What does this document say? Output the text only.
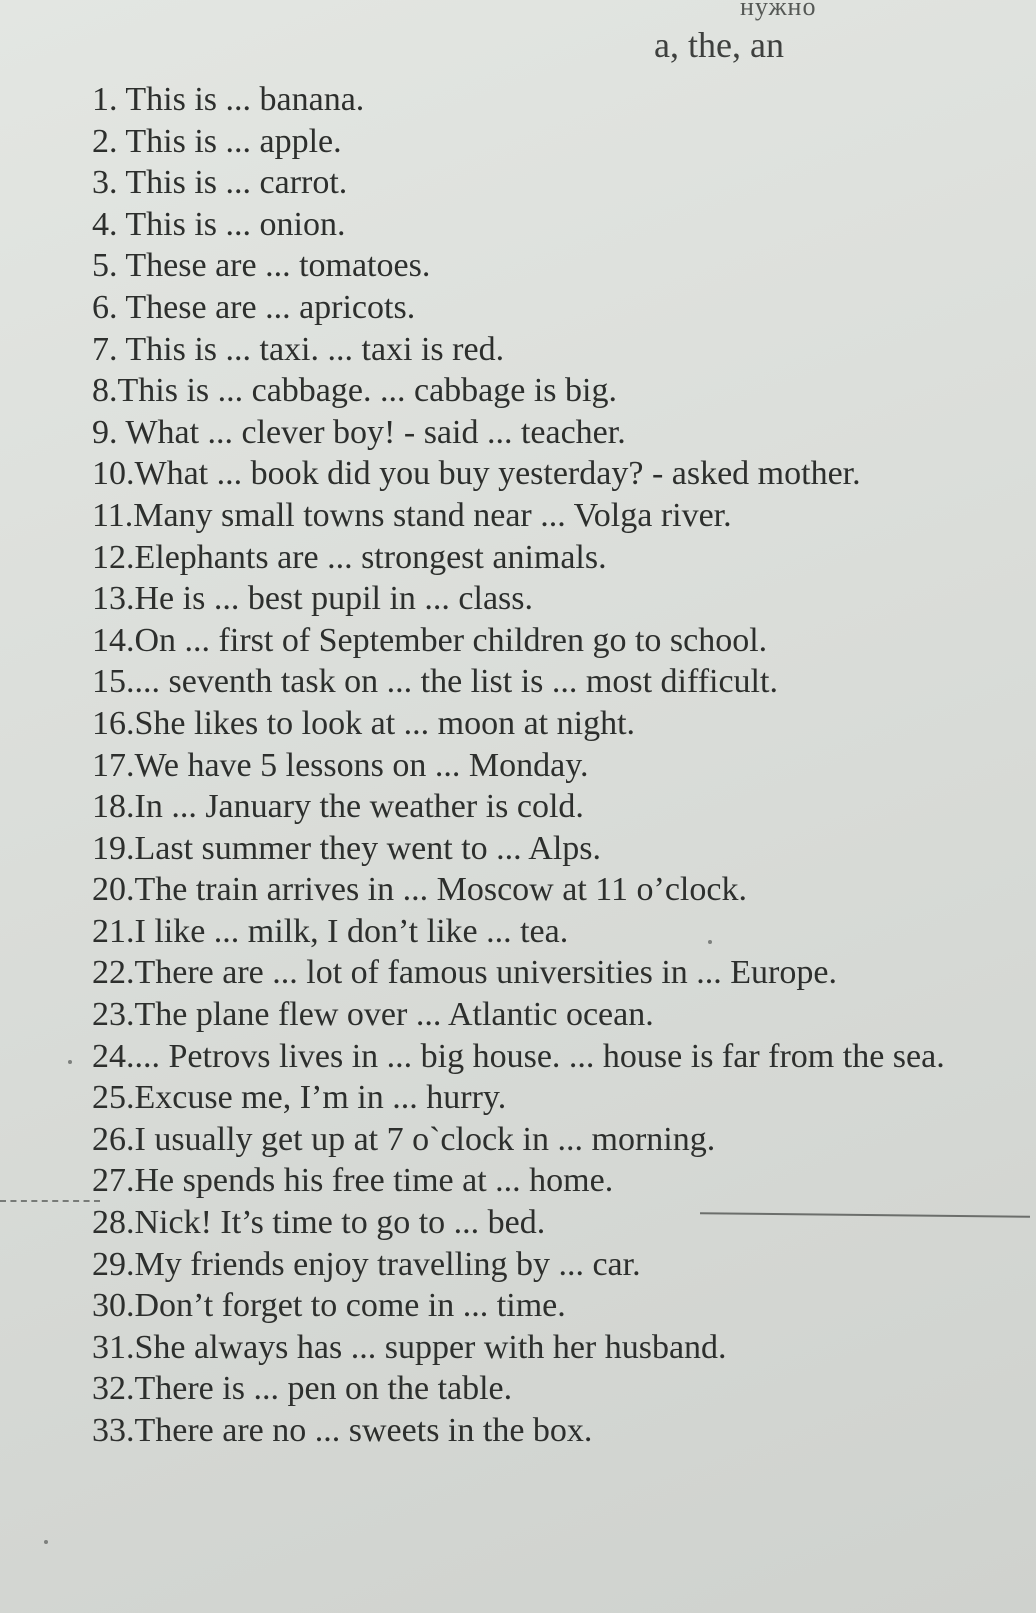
нужно
a, the, an
1. This is ... banana.
2. This is ... apple.
3. This is ... carrot.
4. This is ... onion.
5. These are ... tomatoes.
6. These are ... apricots.
7. This is ... taxi. ... taxi is red.
8.This is ... cabbage. ... cabbage is big.
9. What ... clever boy! - said ... teacher.
10.What ... book did you buy yesterday? - asked mother.
11.Many small towns stand near ... Volga river.
12.Elephants are ... strongest animals.
13.He is ... best pupil in ... class.
14.On ... first of September children go to school.
15.... seventh task on ... the list is ... most difficult.
16.She likes to look at ... moon at night.
17.We have 5 lessons on ... Monday.
18.In ... January the weather is cold.
19.Last summer they went to ... Alps.
20.The train arrives in ... Moscow at 11 o’clock.
21.I like ... milk, I don’t like ... tea.
22.There are ... lot of famous universities in ... Europe.
23.The plane flew over ... Atlantic ocean.
24.... Petrovs lives in ... big house. ... house is far from the sea.
25.Excuse me, I’m in ... hurry.
26.I usually get up at 7 o`clock in ... morning.
27.He spends his free time at ... home.
28.Nick! It’s time to go to ... bed.
29.My friends enjoy travelling by ... car.
30.Don’t forget to come in ... time.
31.She always has ... supper with her husband.
32.There is ... pen on the table.
33.There are no ... sweets in the box.
